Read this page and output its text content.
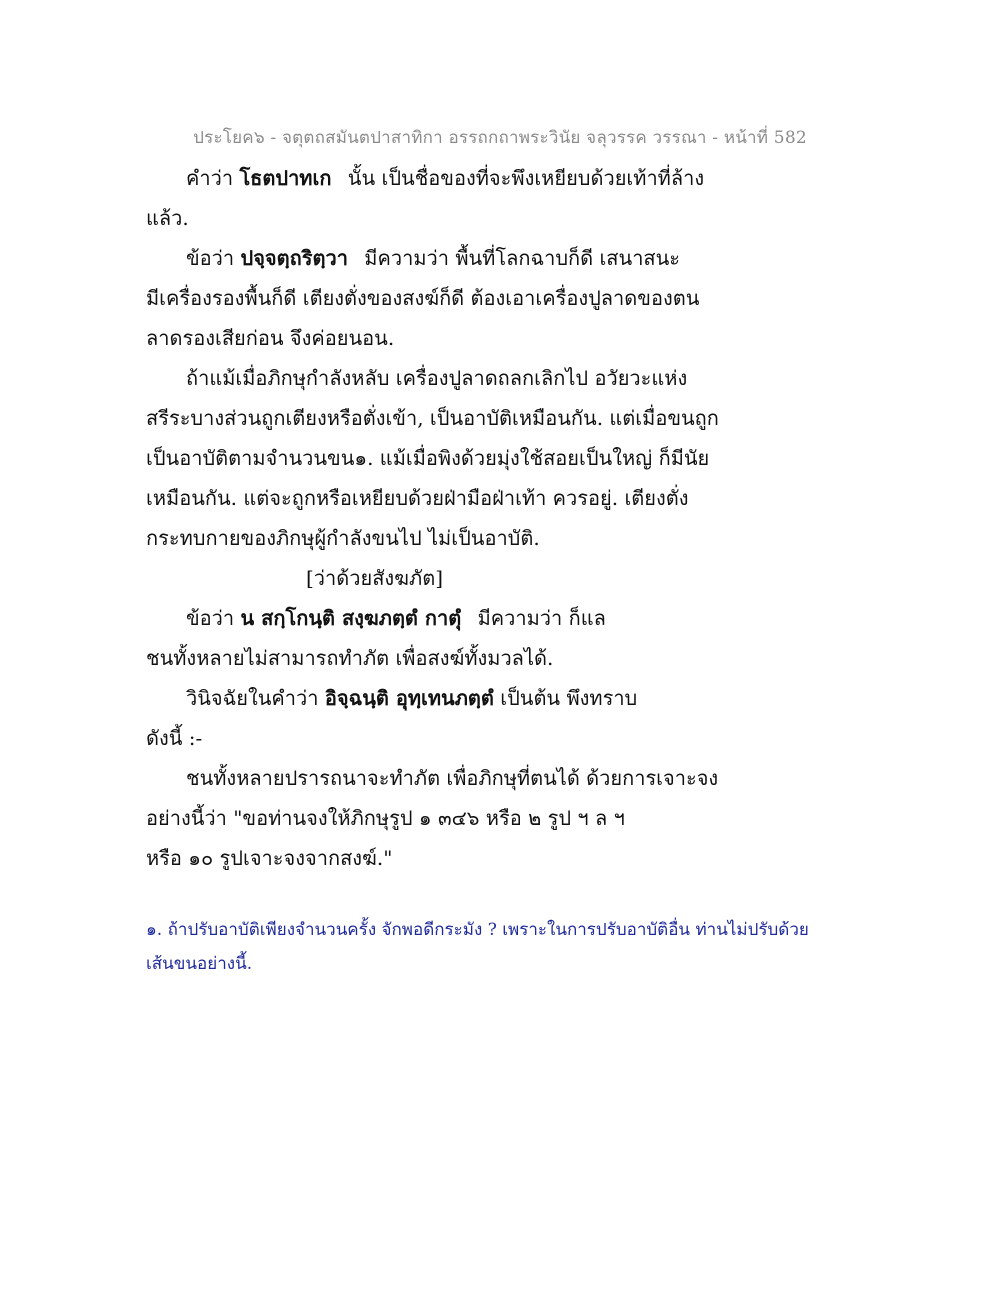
ประโยค๖ - จตุตถสมันตปาสาทิกา อรรถกถาพระวินัย จลุวรรค วรรณา - หน้าที่ 582
คำว่า โธตปาทเก นั้น เป็นชื่อของที่จะพึงเหยียบด้วยเท้าที่ล้าง
แล้ว.
ข้อว่า ปจฺจตฺถริตฺวา มีความว่า พื้นที่โลกฉาบก็ดี เสนาสนะ
มีเครื่องรองพื้นก็ดี เตียงตั่งของสงฆ์ก็ดี ต้องเอาเครื่องปูลาดของตน
ลาดรองเสียก่อน จึงค่อยนอน.
ถ้าแม้เมื่อภิกษุกำลังหลับ เครื่องปูลาดถลกเลิกไป อวัยวะแห่ง
สรีระบางส่วนถูกเตียงหรือตั่งเข้า, เป็นอาบัติเหมือนกัน. แต่เมื่อขนถูก
เป็นอาบัติตามจำนวนขน๑. แม้เมื่อพิงด้วยมุ่งใช้สอยเป็นใหญ่ ก็มีนัย
เหมือนกัน. แต่จะถูกหรือเหยียบด้วยฝ่ามือฝ่าเท้า ควรอยู่. เตียงตั่ง
กระทบกายของภิกษุผู้กำลังขนไป ไม่เป็นอาบัติ.
[ว่าด้วยสังฆภัต]
ข้อว่า น สกฺโกนฺติ สงฺฆภตฺตํ กาตุํ มีความว่า ก็แล
ชนทั้งหลายไม่สามารถทำภัต เพื่อสงฆ์ทั้งมวลได้.
วินิจฉัยในคำว่า อิจฺฉนฺติ อุทฺเทนภตฺตํ เป็นต้น พึงทราบ
ดังนี้ :-
ชนทั้งหลายปรารถนาจะทำภัต เพื่อภิกษุที่ตนได้ ด้วยการเจาะจง
อย่างนี้ว่า "ขอท่านจงให้ภิกษุรูป ๑ ๓๔๖ หรือ ๒ รูป ฯ ล ฯ
หรือ ๑๐ รูปเจาะจงจากสงฆ์."
๑. ถ้าปรับอาบัติเพียงจำนวนครั้ง จักพอดีกระมัง ? เพราะในการปรับอาบัติอื่น ท่านไม่ปรับด้วย
เส้นขนอย่างนี้.
